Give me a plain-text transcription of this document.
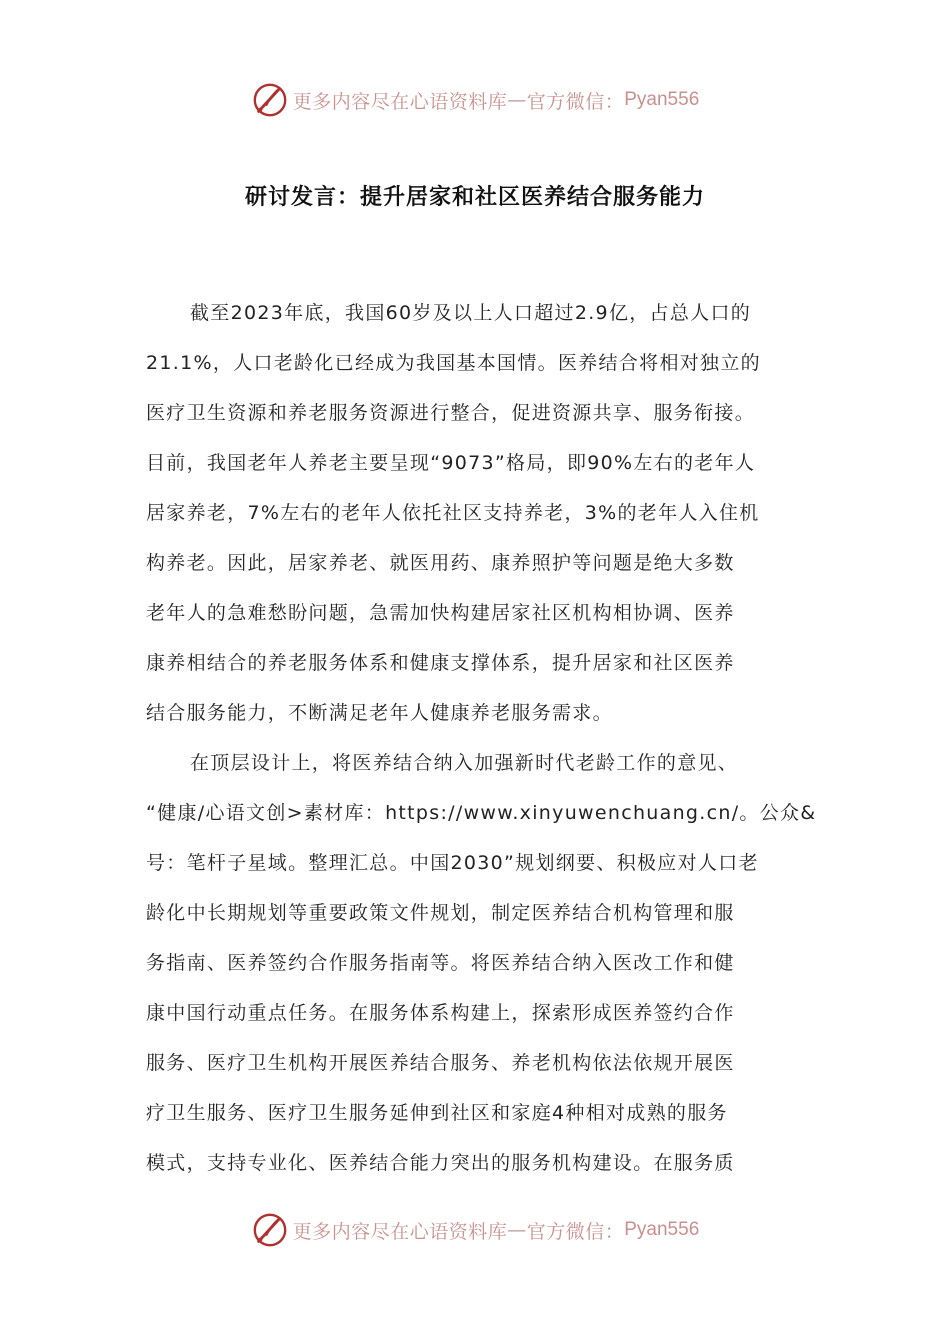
更多内容尽在心语资料库 — 官方微信： Pyan556
研讨发言：提升居家和社区医养结合服务能力
截至2023年底，我国60岁及以上人口超过2.9亿，占总人口的
21.1%，人口老龄化已经成为我国基本国情。医养结合将相对独立的
医疗卫生资源和养老服务资源进行整合，促进资源共享、服务衔接。
目前，我国老年人养老主要呈现“9073”格局，即90%左右的老年人
居家养老，7%左右的老年人依托社区支持养老，3%的老年人入住机
构养老。因此，居家养老、就医用药、康养照护等问题是绝大多数
老年人的急难愁盼问题，急需加快构建居家社区机构相协调、医养
康养相结合的养老服务体系和健康支撑体系，提升居家和社区医养
结合服务能力，不断满足老年人健康养老服务需求。
在顶层设计上，将医养结合纳入加强新时代老龄工作的意见、
“健康/心语文创>素材库：https://www.xinyuwenchuang.cn/。公众&
号：笔杆子星域。整理汇总。中国2030”规划纲要、积极应对人口老
龄化中长期规划等重要政策文件规划，制定医养结合机构管理和服
务指南、医养签约合作服务指南等。将医养结合纳入医改工作和健
康中国行动重点任务。在服务体系构建上，探索形成医养签约合作
服务、医疗卫生机构开展医养结合服务、养老机构依法依规开展医
疗卫生服务、医疗卫生服务延伸到社区和家庭4种相对成熟的服务
模式，支持专业化、医养结合能力突出的服务机构建设。在服务质
更多内容尽在心语资料库 — 官方微信： Pyan556
